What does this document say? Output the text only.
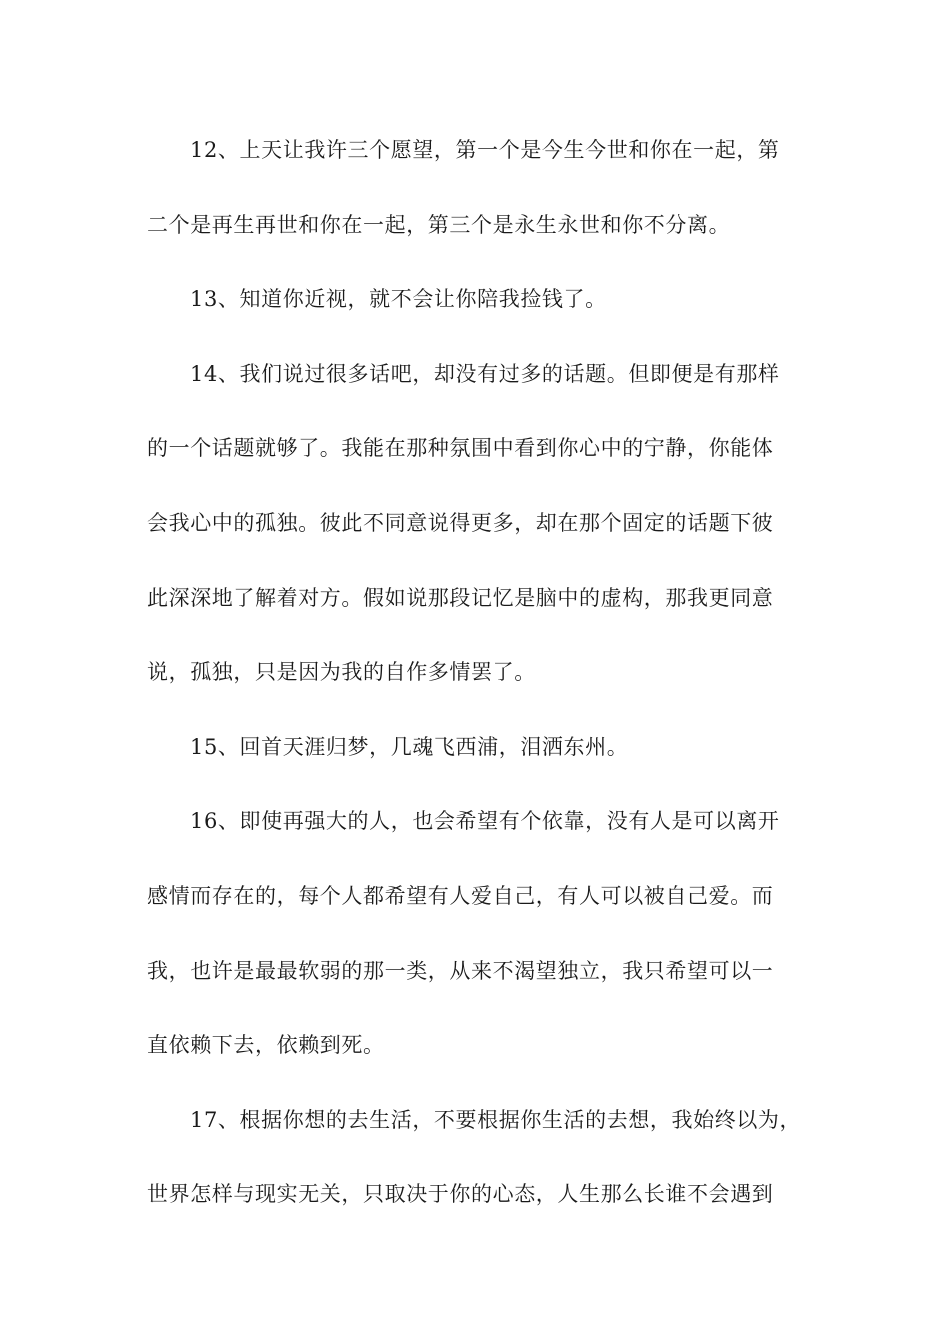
12、上天让我许三个愿望，第一个是今生今世和你在一起，第
二个是再生再世和你在一起，第三个是永生永世和你不分离。
13、知道你近视，就不会让你陪我捡钱了。
14、我们说过很多话吧，却没有过多的话题。但即便是有那样
的一个话题就够了。我能在那种氛围中看到你心中的宁静，你能体
会我心中的孤独。彼此不同意说得更多，却在那个固定的话题下彼
此深深地了解着对方。假如说那段记忆是脑中的虚构，那我更同意
说，孤独，只是因为我的自作多情罢了。
15、回首天涯归梦，几魂飞西浦，泪洒东州。
16、即使再强大的人，也会希望有个依靠，没有人是可以离开
感情而存在的，每个人都希望有人爱自己，有人可以被自己爱。而
我，也许是最最软弱的那一类，从来不渴望独立，我只希望可以一
直依赖下去，依赖到死。
17、根据你想的去生活，不要根据你生活的去想，我始终以为，
世界怎样与现实无关，只取决于你的心态，人生那么长谁不会遇到
